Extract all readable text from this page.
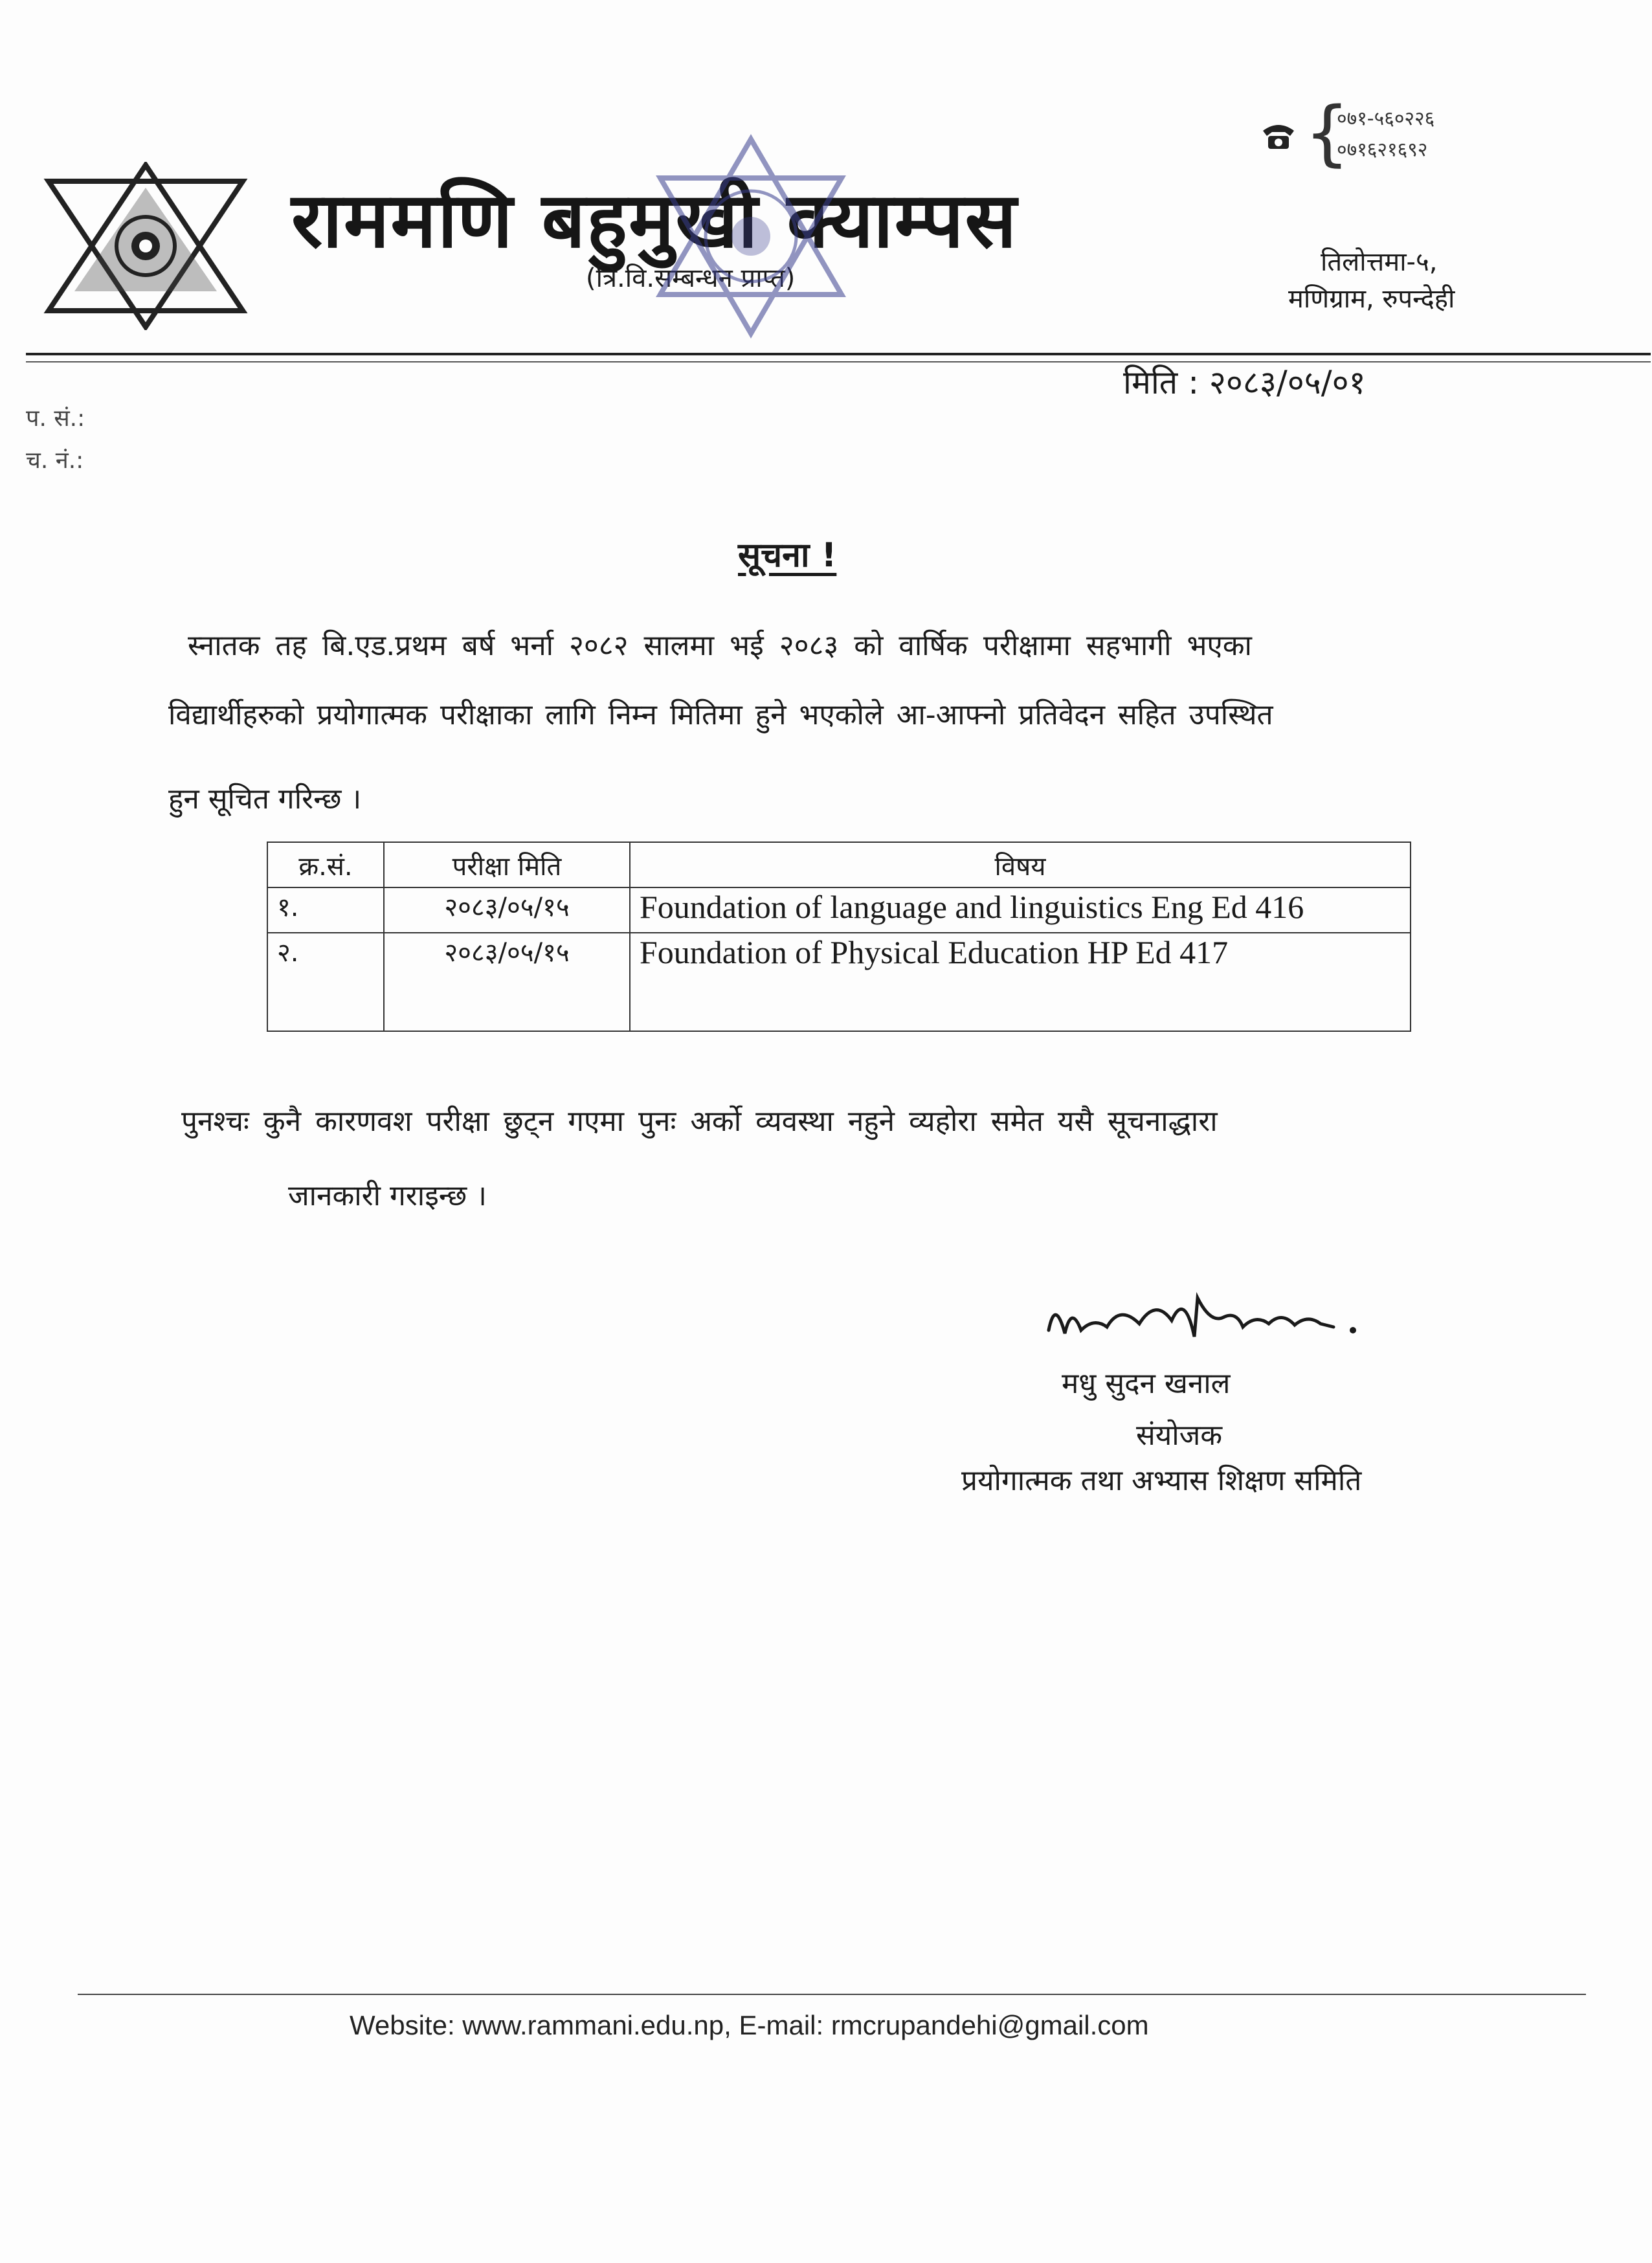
राममणि बहुमुखी क्याम्पस
(त्रि.वि.सम्बन्धन प्राप्त)
{
०७१-५६०२२६
०७१६२१६९२
तिलोत्तमा-५,
मणिग्राम, रुपन्देही
मिति : २०८३/०५/०१
प. सं.:
च. नं.:
सूचना !
स्नातक तह बि.एड.प्रथम बर्ष भर्ना २०८२ सालमा भई २०८३ को वार्षिक परीक्षामा सहभागी भएका
विद्यार्थीहरुको प्रयोगात्मक परीक्षाका लागि निम्न मितिमा हुने भएकोले आ-आफ्नो प्रतिवेदन सहित उपस्थित
हुन सूचित गरिन्छ ।
क्र.सं.	परीक्षा मिति	विषय
१.	२०८३/०५/१५	Foundation of language and linguistics Eng Ed 416
२.	२०८३/०५/१५	Foundation of Physical Education HP Ed 417
पुनश्चः कुनै कारणवश परीक्षा छुट्न गएमा पुनः अर्को व्यवस्था नहुने व्यहोरा समेत यसै सूचनाद्धारा
जानकारी गराइन्छ ।
मधु सुदन खनाल
संयोजक
प्रयोगात्मक तथा अभ्यास शिक्षण समिति
Website: www.rammani.edu.np, E-mail: rmcrupandehi@gmail.com
